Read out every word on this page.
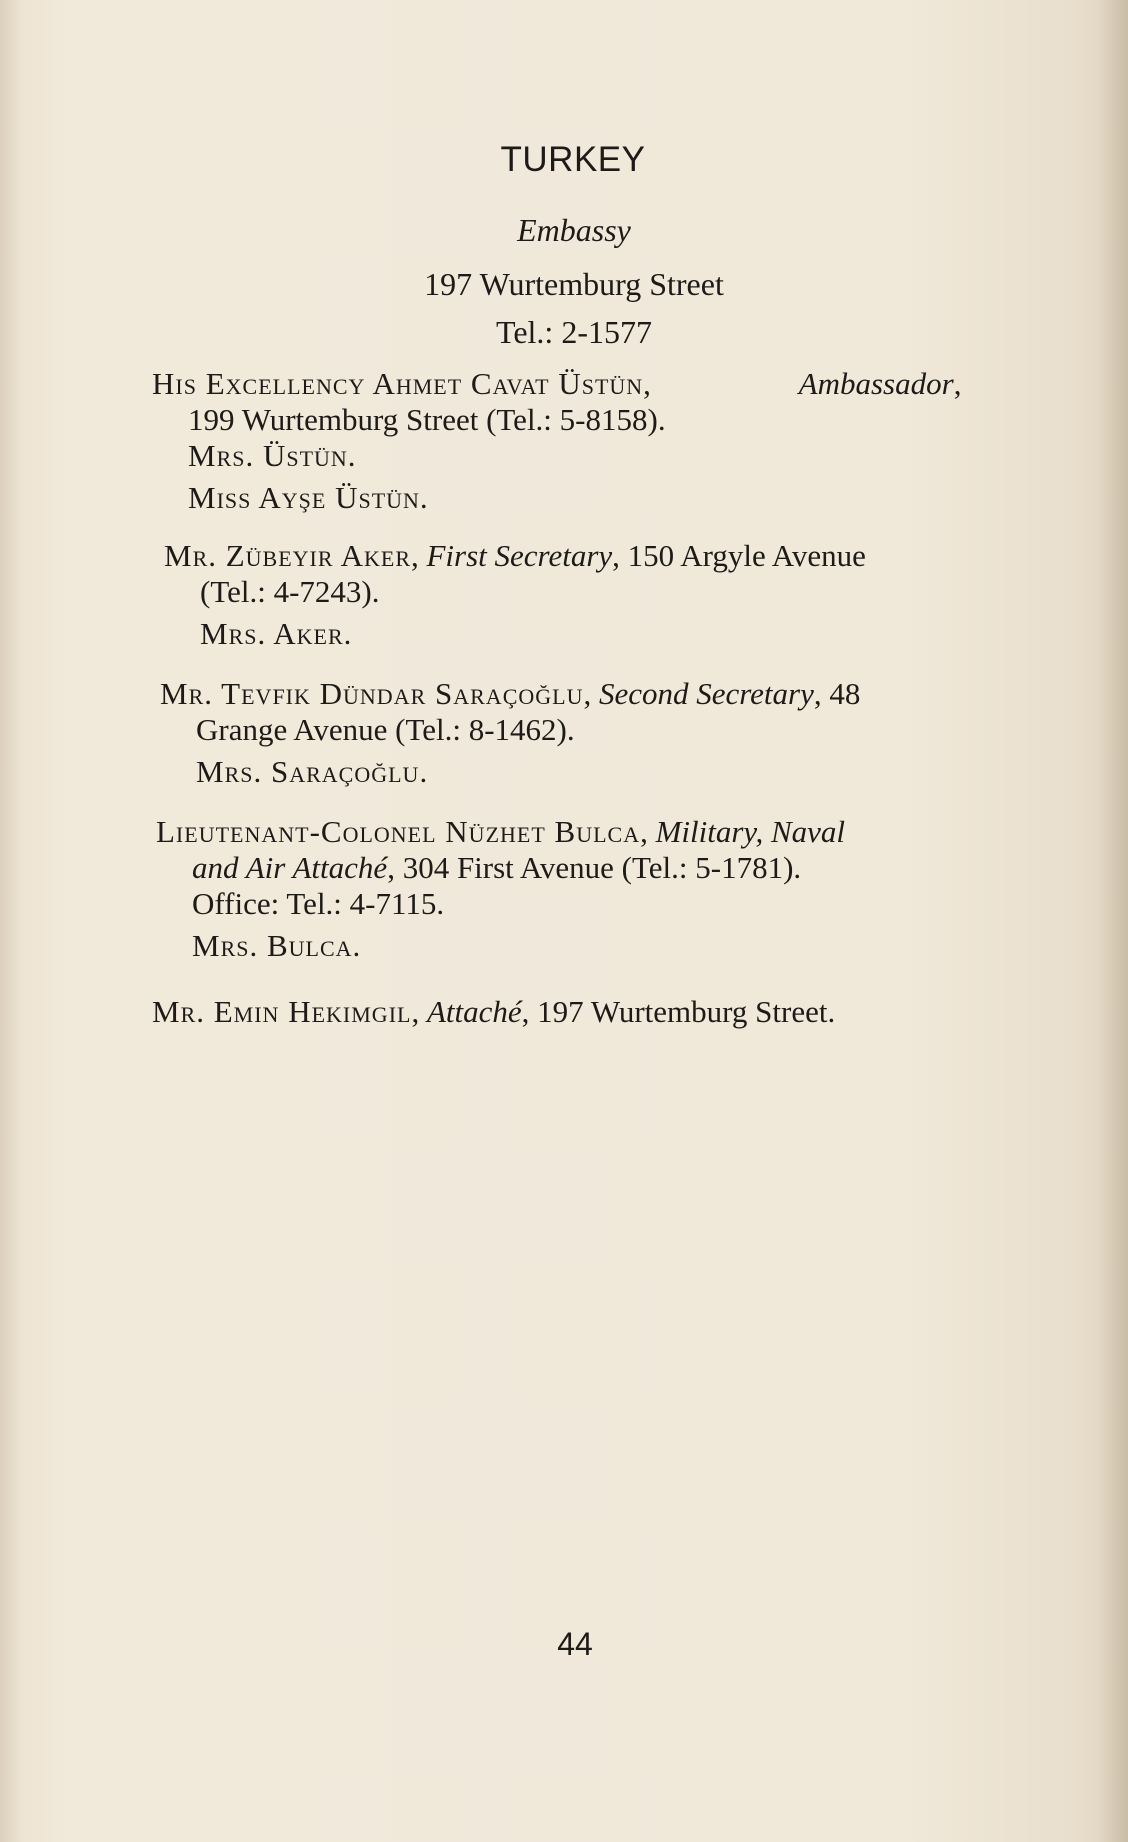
TURKEY
Embassy
197 Wurtemburg Street
Tel.: 2-1577
His Excellency Ahmet Cavat Üstün,	Ambassador,
199 Wurtemburg Street (Tel.: 5-8158).
Mrs. Üstün.
Miss Ayşe Üstün.
Mr. Zübeyir Aker, First Secretary, 150 Argyle Avenue
(Tel.: 4-7243).
Mrs. Aker.
Mr. Tevfik Dündar Saraçoğlu, Second Secretary, 48
Grange Avenue (Tel.: 8-1462).
Mrs. Saraçoğlu.
Lieutenant-Colonel Nüzhet Bulca, Military, Naval
and Air Attaché, 304 First Avenue (Tel.: 5-1781).
Office: Tel.: 4-7115.
Mrs. Bulca.
Mr. Emin Hekimgil, Attaché, 197 Wurtemburg Street.
44
